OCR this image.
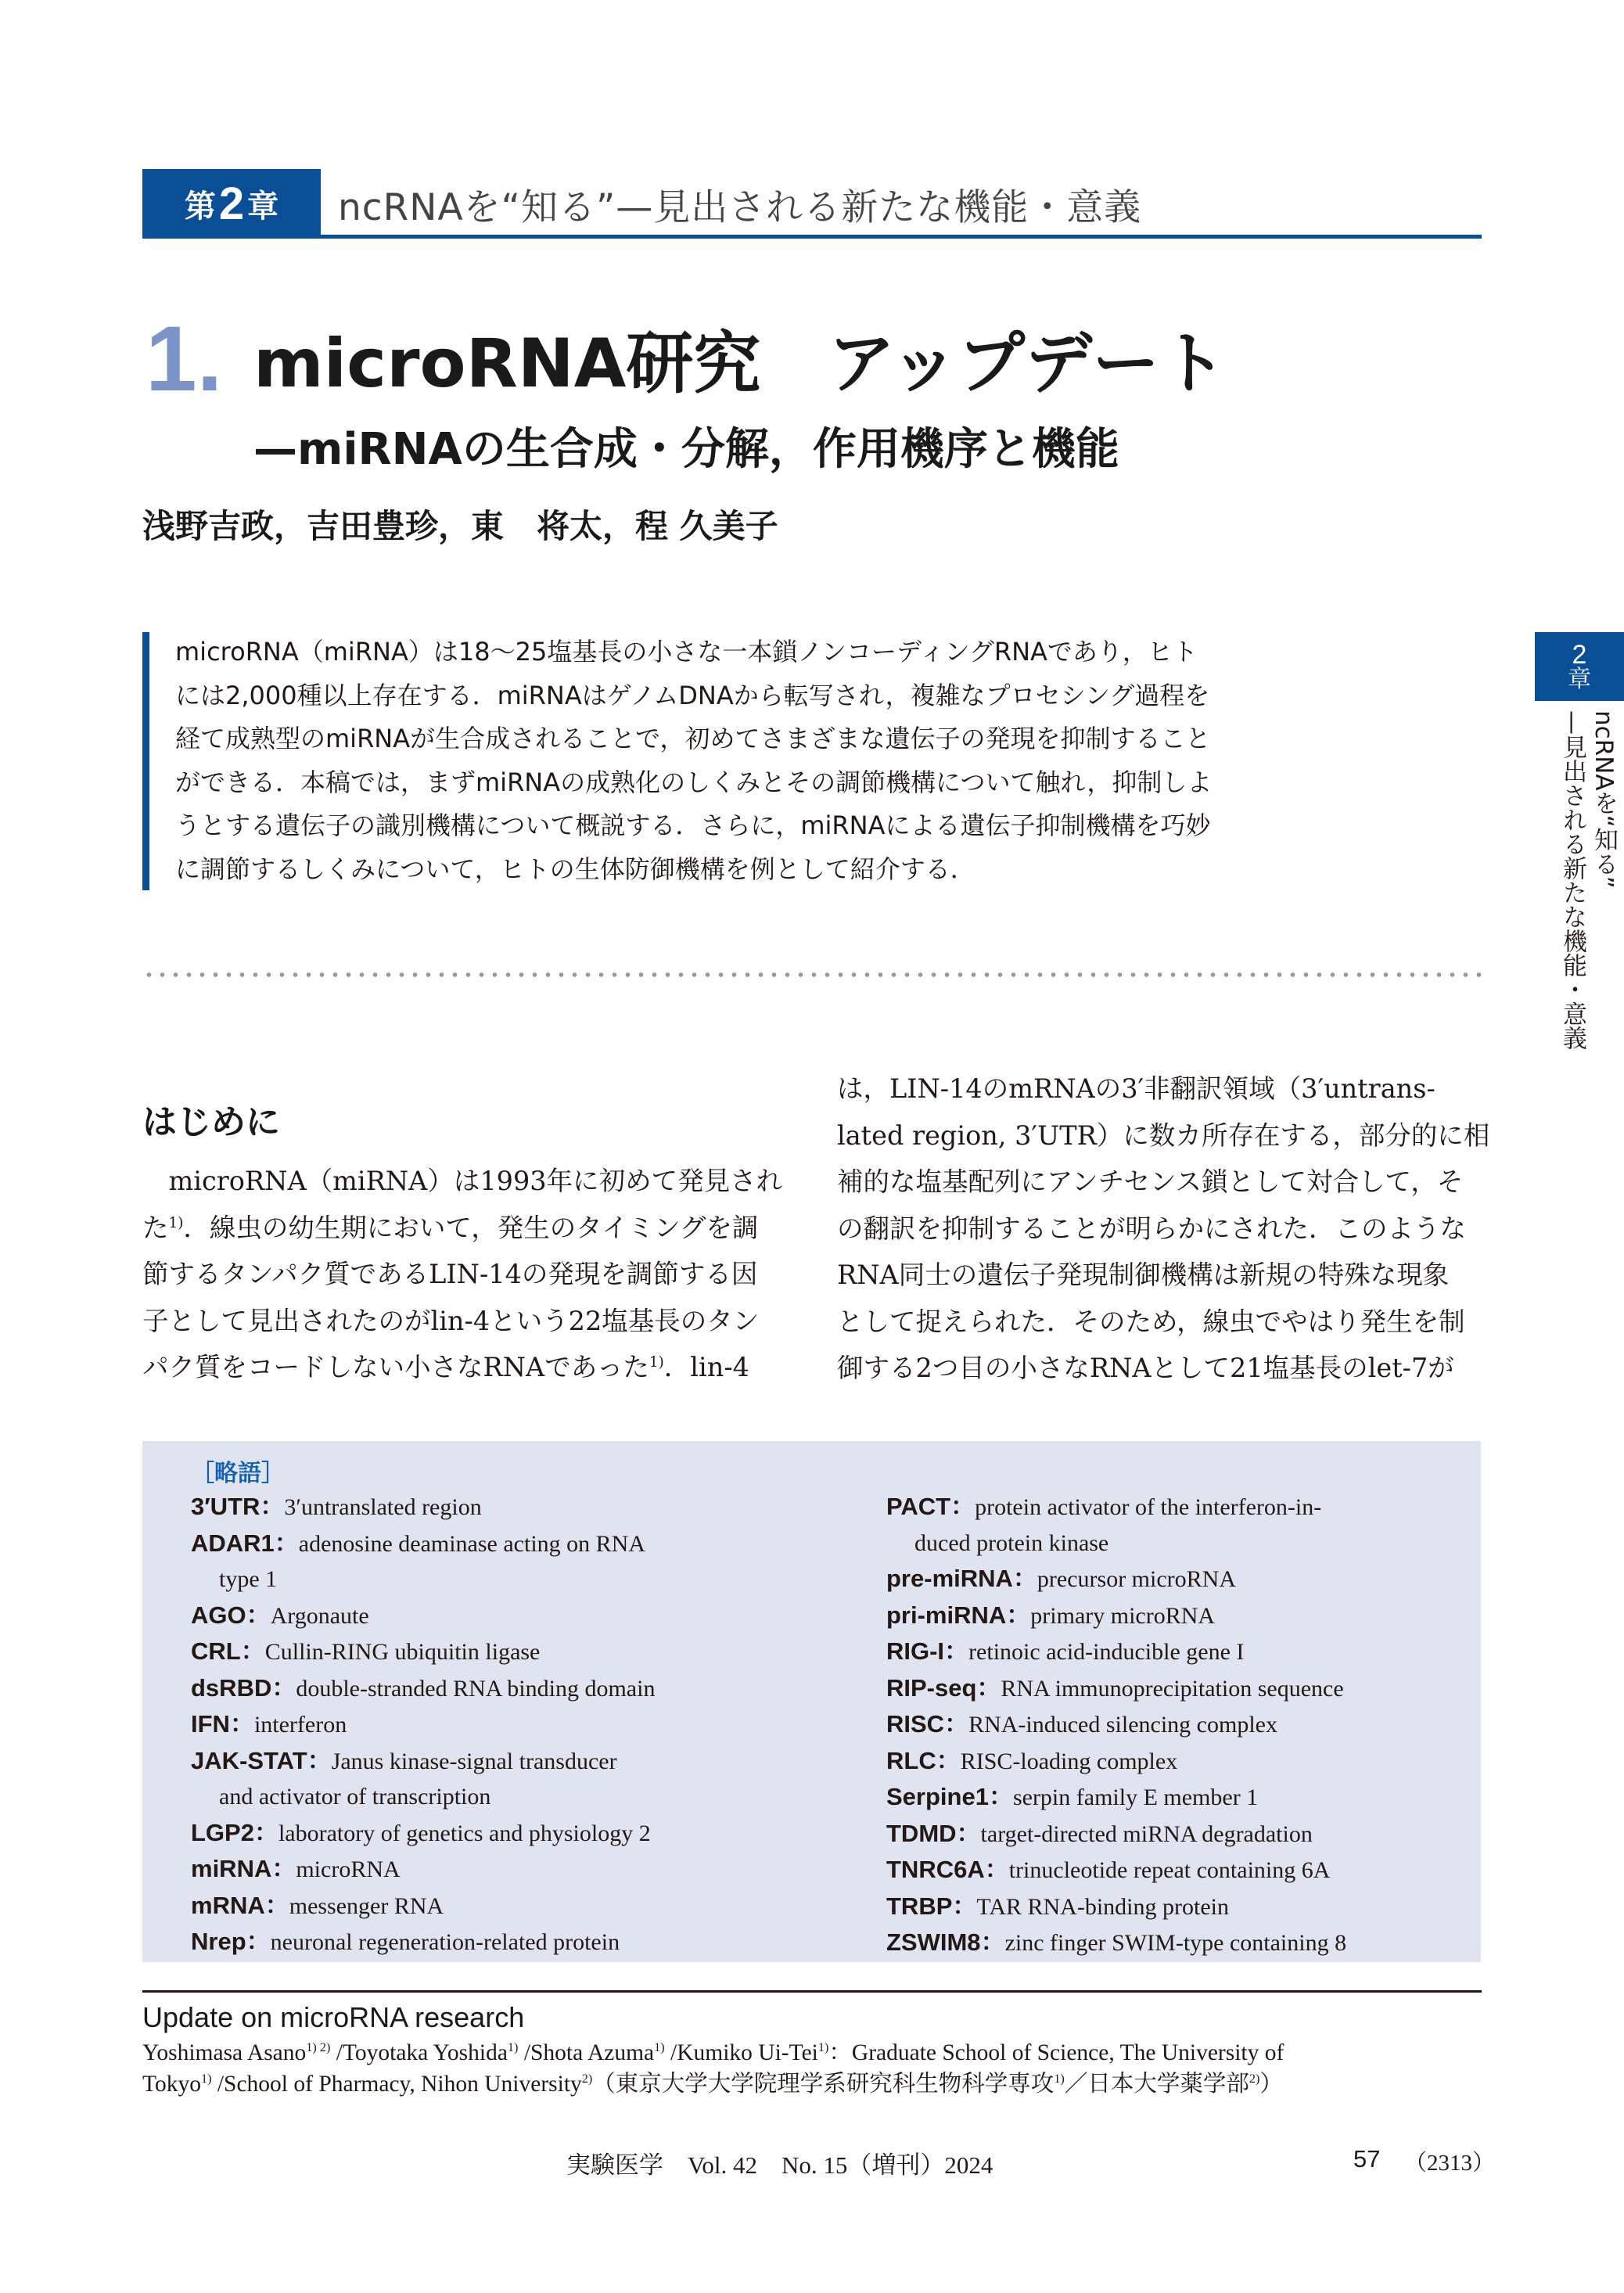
第 2 章 ncRNAを“知る”—見出される新たな機能・意義
1. microRNA研究　アップデート
—miRNAの生合成・分解，作用機序と機能
浅野吉政，吉田豊珍，東　将太，程 久美子
microRNA（miRNA）は18～25塩基長の小さな一本鎖ノンコーディングRNAであり，ヒト
には2,000種以上存在する．miRNAはゲノムDNAから転写され，複雑なプロセシング過程を
経て成熟型のmiRNAが生合成されることで，初めてさまざまな遺伝子の発現を抑制すること
ができる．本稿では，まずmiRNAの成熟化のしくみとその調節機構について触れ，抑制しよ
うとする遺伝子の識別機構について概説する．さらに，miRNAによる遺伝子抑制機構を巧妙
に調節するしくみについて，ヒトの生体防御機構を例として紹介する．
はじめに
　microRNA（miRNA）は1993年に初めて発見され
た$^{1)}$．線虫の幼生期において，発生のタイミングを調
節するタンパク質であるLIN-14の発現を調節する因
子として見出されたのがlin-4という22塩基長のタン
パク質をコードしない小さなRNAであった$^{1)}$．lin-4
は，LIN-14のmRNAの3′非翻訳領域（3′untrans-
lated region, 3′UTR）に数カ所存在する，部分的に相
補的な塩基配列にアンチセンス鎖として対合して，そ
の翻訳を抑制することが明らかにされた．このような
RNA同士の遺伝子発現制御機構は新規の特殊な現象
として捉えられた．そのため，線虫でやはり発生を制
御する2つ目の小さなRNAとして21塩基長のlet-7が
［略語］
3′UTR：3′untranslated region
ADAR1：adenosine deaminase acting on RNA
type 1
AGO：Argonaute
CRL：Cullin-RING ubiquitin ligase
dsRBD：double-stranded RNA binding domain
IFN：interferon
JAK-STAT：Janus kinase-signal transducer
and activator of transcription
LGP2：laboratory of genetics and physiology 2
miRNA：microRNA
mRNA：messenger RNA
Nrep：neuronal regeneration-related protein
PACT：protein activator of the interferon-in-
duced protein kinase
pre-miRNA：precursor microRNA
pri-miRNA：primary microRNA
RIG-I：retinoic acid-inducible gene I
RIP-seq：RNA immunoprecipitation sequence
RISC：RNA-induced silencing complex
RLC：RISC-loading complex
Serpine1：serpin family E member 1
TDMD：target-directed miRNA degradation
TNRC6A：trinucleotide repeat containing 6A
TRBP：TAR RNA-binding protein
ZSWIM8：zinc finger SWIM-type containing 8
Update on microRNA research
Yoshimasa Asano$^{1) 2)}$ /Toyotaka Yoshida$^{1)}$ /Shota Azuma$^{1)}$ /Kumiko Ui-Tei$^{1)}$：Graduate School of Science, The University of
Tokyo$^{1)}$ /School of Pharmacy, Nihon University$^{2)}$（東京大学大学院理学系研究科生物科学専攻$^{1)}$／日本大学薬学部$^{2)}$）
実験医学　Vol. 42　No. 15（増刊）2024	57 （2313）
2
章
ncRNAを“知る”
—見出される新たな機能・意義
